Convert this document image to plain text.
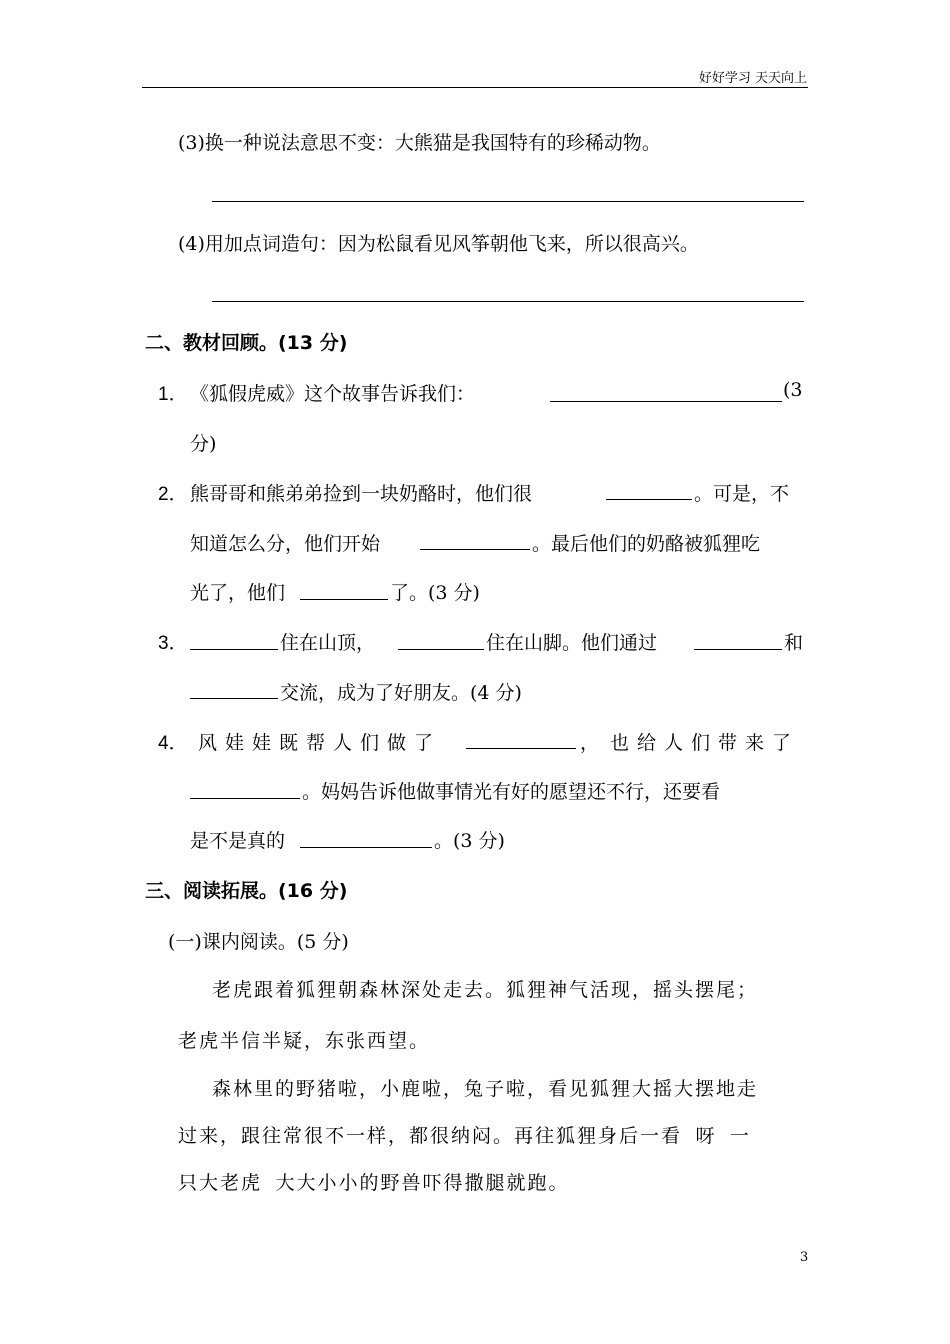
好好学习 天天向上
(3)换一种说法意思不变：大熊猫是我国特有的珍稀动物。
(4)用加点词造句：因为松鼠看见风筝朝他飞来，所以很高兴。
二、教材回顾。(13 分)
1． 《狐假虎威》这个故事告诉我们：	(3
分)
2． 熊哥哥和熊弟弟捡到一块奶酪时，他们很	。可是，不
知道怎么分，他们开始	。最后他们的奶酪被狐狸吃
光了，他们	了。(3 分)
3．	住在山顶，	住在山脚。他们通过	和
交流，成为了好朋友。(4 分)
4． 风娃娃既帮人们做了	， 也给人们带来了
。妈妈告诉他做事情光有好的愿望还不行，还要看
是不是真的	。(3 分)
三、阅读拓展。(16 分)
(一)课内阅读。(5 分)
老虎跟着狐狸朝森林深处走去。狐狸神气活现，摇头摆尾；
老虎半信半疑，东张西望。
森林里的野猪啦，小鹿啦，兔子啦，看见狐狸大摇大摆地走
过来，跟往常很不一样，都很纳闷。再往狐狸身后一看 呀 一
只大老虎 大大小小的野兽吓得撒腿就跑。
3
